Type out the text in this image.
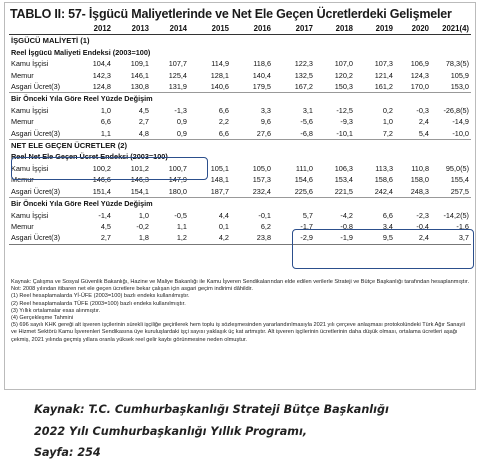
TABLO II: 57- İşgücü Maliyetlerinde ve Net Ele Geçen Ücretlerdeki Gelişmeler
	2012	2013	2014	2015	2016	2017	2018	2019	2020	2021(4)
İŞGÜCÜ MALİYETİ (1)										
Reel İşgücü Maliyeti Endeksi (2003=100)										
Kamu İşçisi	104,4	109,1	107,7	114,9	118,6	122,3	107,0	107,3	106,9	78,3(5)
Memur	142,3	146,1	125,4	128,1	140,4	132,5	120,2	121,4	124,3	105,9
Asgari Ücret(3)	124,8	130,8	131,9	140,6	179,5	167,2	150,3	161,2	170,0	153,0
Bir Önceki Yıla Göre Reel Yüzde Değişim										
Kamu İşçisi	1,0	4,5	-1,3	6,6	3,3	3,1	-12,5	0,2	-0,3	-26,8(5)
Memur	6,6	2,7	0,9	2,2	9,6	-5,6	-9,3	1,0	2,4	-14,9
Asgari Ücret(3)	1,1	4,8	0,9	6,6	27,6	-6,8	-10,1	7,2	5,4	-10,0
NET ELE GEÇEN ÜCRETLER (2)										
Reel Net Ele Geçen Ücret Endeksi (2003=100)										
Kamu İşçisi	100,2	101,2	100,7	105,1	105,0	111,0	106,3	113,3	110,8	95,0(5)
Memur	146,6	146,3	147,9	148,1	157,3	154,6	153,4	158,6	158,0	155,4
Asgari Ücret(3)	151,4	154,1	180,0	187,7	232,4	225,6	221,5	242,4	248,3	257,5
Bir Önceki Yıla Göre Reel Yüzde Değişim										
Kamu İşçisi	-1,4	1,0	-0,5	4,4	-0,1	5,7	-4,2	6,6	-2,3	-14,2(5)
Memur	4,5	-0,2	1,1	0,1	6,2	-1,7	-0,8	3,4	-0,4	-1,6
Asgari Ücret(3)	2,7	1,8	1,2	4,2	23,8	-2,9	-1,9	9,5	2,4	3,7
Kaynak: Çalışma ve Sosyal Güvenlik Bakanlığı, Hazine ve Maliye Bakanlığı ile Kamu İşveren Sendikalarından elde edilen verilerle Strateji ve Bütçe Başkanlığı tarafından hesaplanmıştır.
Not: 2008 yılından itibaren net ele geçen ücretlere bekar çalışan için asgari geçim indirimi dâhildir.
(1) Reel hesaplamalarda Yİ-ÜFE (2003=100) bazlı endeks kullanılmıştır.
(2) Reel hesaplamalarda TÜFE (2003=100) bazlı endeks kullanılmıştır.
(3) Yıllık ortalamalar esas alınmıştır.
(4) Gerçekleşme Tahmini
(5) 696 sayılı KHK gereği alt işveren işçilerinin sürekli işçiliğe geçirilerek hem toplu iş sözleşmesinden yararlandırılmasıyla 2021 yılı çerçeve anlaşması protokolündeki Türk Ağır Sanayii ve Hizmet Sektörü Kamu İşverenleri Sendikasına üye kuruluşlardaki işçi sayısı yaklaşık üç kat artmıştır. Alt işveren işçilerinin ücretlerinin daha düşük olması, ortalama ücretleri aşağı çekmiş, 2021 yılında geçmiş yıllara oranla yüksek reel gelir kaybı görünmesine neden olmuştur.
Kaynak: T.C. Cumhurbaşkanlığı Strateji Bütçe Başkanlığı
2022 Yılı Cumhurbaşkanlığı Yıllık Programı,
Sayfa: 254
